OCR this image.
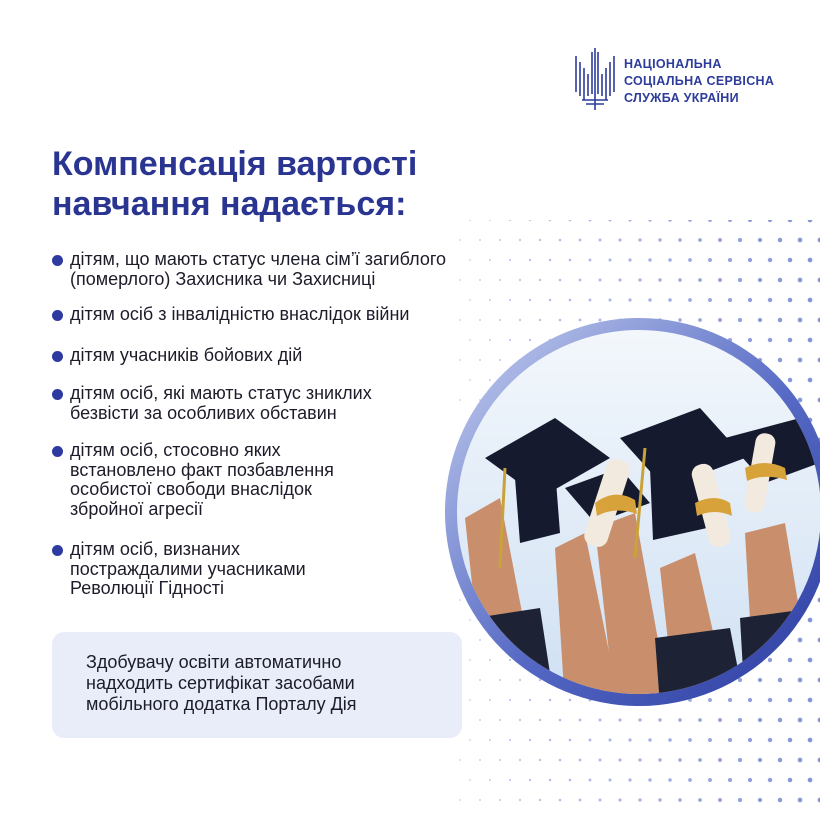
НАЦІОНАЛЬНА
СОЦІАЛЬНА СЕРВІСНА
СЛУЖБА УКРАЇНИ
Компенсація вартості
навчання надається:
дітям, що мають статус члена сім’ї загиблого
(померлого) Захисника чи Захисниці
дітям осіб з інвалідністю внаслідок війни
дітям учасників бойових дій
дітям осіб, які мають статус зниклих
безвісти за особливих обставин
дітям осіб, стосовно яких
встановлено факт позбавлення
особистої свободи внаслідок
збройної агресії
дітям осіб, визнаних
постраждалими учасниками
Революції Гідності
Здобувачу освіти автоматично
надходить сертифікат засобами
мобільного додатка Порталу Дія
